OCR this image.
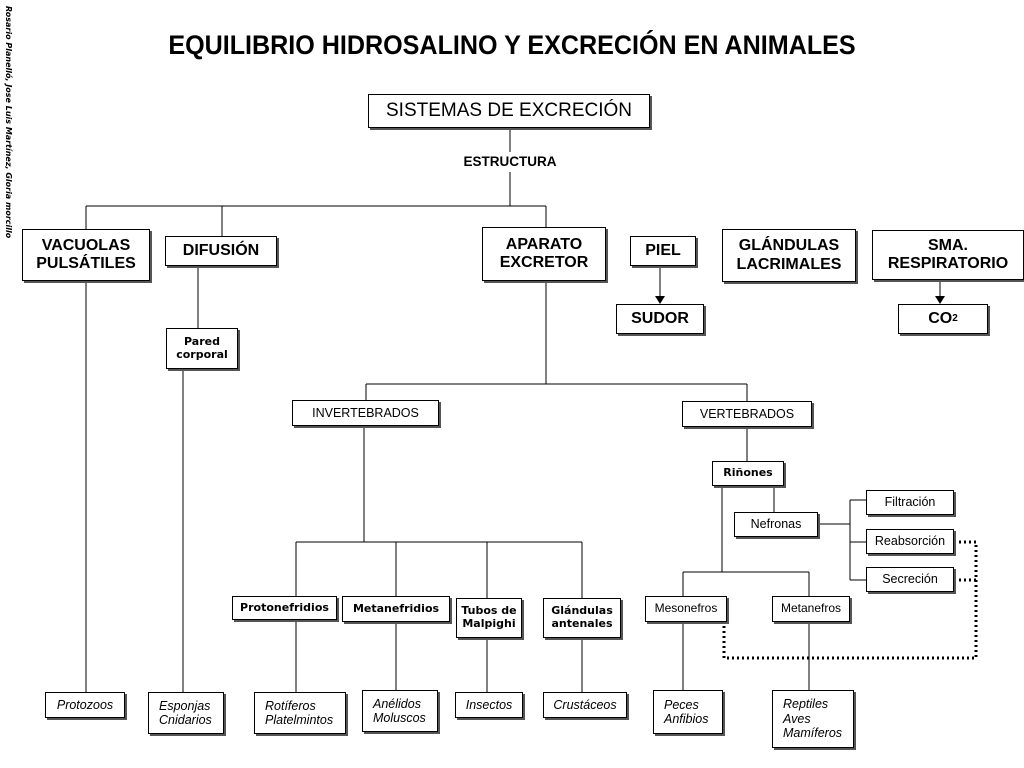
EQUILIBRIO HIDROSALINO Y EXCRECIÓN EN ANIMALES
Rosario Planelló, Jose Luis Martínez, Gloria morcillo	SISTEMAS DE EXCRECIÓN
ESTRUCTURA
VACUOLAS PULSÁTILES
DIFUSIÓN	APARATO EXCRETOR
PIEL	GLÁNDULAS LACRIMALES
SMA. RESPIRATORIO
SUDOR	CO 2
Pared corporal
INVERTEBRADOS	VERTEBRADOS
Riñones
Nefronas
Filtración
Reabsorción
Secreción
Protonefridios	Metanefridios	Tubos de Malpighi
Glándulas antenales
Mesonefros	Metanefros
Protozoos	Esponjas Cnidarios
Rotíferos Platelmintos
Anélidos Moluscos
Insectos	Crustáceos	Peces Anfibios
Reptiles Aves Mamíferos
